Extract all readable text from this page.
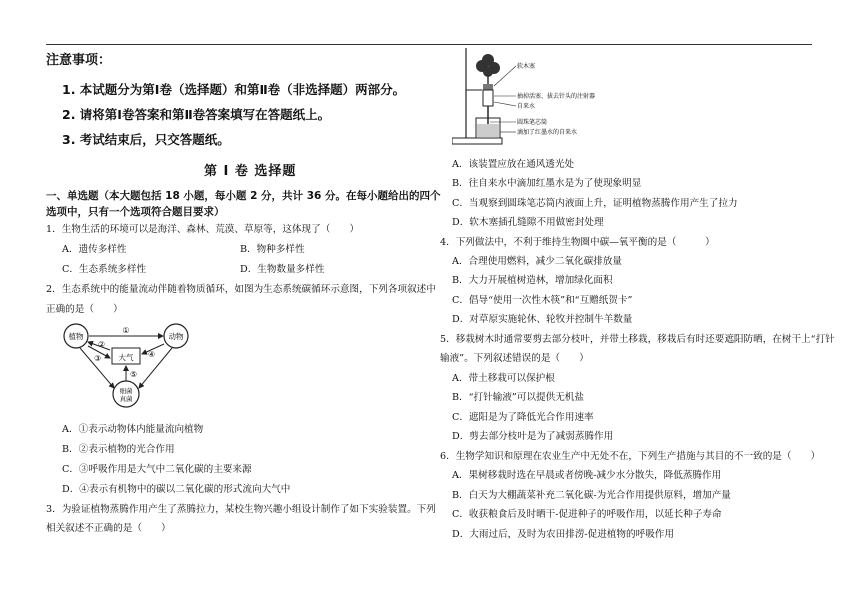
注意事项：
1. 本试题分为第Ⅰ卷（选择题）和第Ⅱ卷（非选择题）两部分。
2. 请将第Ⅰ卷答案和第Ⅱ卷答案填写在答题纸上。
3. 考试结束后，只交答题纸。
第 Ⅰ 卷 选择题
一、单选题（本大题包括 18 小题，每小题 2 分，共计 36 分。在每小题给出的四个
选项中，只有一个选项符合题目要求）
1．生物生活的环境可以是海洋、森林、荒漠、草原等，这体现了（　　）
A．遗传多样性	B．物种多样性
C．生态系统多样性	D．生物数量多样性
2．生态系统中的能量流动伴随着物质循环，如图为生态系统碳循环示意图，下列各项叙述中
正确的是（　　）
植物	动物
大气
细菌
真菌
①
②
③	④
⑤
A．①表示动物体内能量流向植物
B．②表示植物的光合作用
C．③呼吸作用是大气中二氧化碳的主要来源
D．④表示有机物中的碳以二氧化碳的形式流向大气中
3．为验证植物蒸腾作用产生了蒸腾拉力，某校生物兴趣小组设计制作了如下实验装置。下列
相关叙述不正确的是（　　）
软木塞
抽掉活塞、拔去针头的注射器
自来水
圆珠笔芯筒
滴加了红墨水的自来水
A．该装置应放在通风透光处
B．往自来水中滴加红墨水是为了使现象明显
C．当观察到圆珠笔芯筒内液面上升，证明植物蒸腾作用产生了拉力
D．软木塞插孔缝隙不用做密封处理
4．下列做法中，不利于维持生物圈中碳—氧平衡的是（　　　）
A．合理使用燃料，减少二氧化碳排放量
B．大力开展植树造林，增加绿化面积
C．倡导“使用一次性木筷”和“互赠纸贺卡”
D．对草原实施轮休、轮牧并控制牛羊数量
5．移栽树木时通常要剪去部分枝叶，并带土移栽，移栽后有时还要遮阳防晒，在树干上“打针
输液”。下列叙述错误的是（　　）
A．带土移栽可以保护根
B．“打针输液”可以提供无机盐
C．遮阳是为了降低光合作用速率
D．剪去部分枝叶是为了减弱蒸腾作用
6．生物学知识和原理在农业生产中无处不在，下列生产措施与其目的不一致的是（　　）
A．果树移栽时选在早晨或者傍晚-减少水分散失，降低蒸腾作用
B．白天为大棚蔬菜补充二氧化碳-为光合作用提供原料，增加产量
C．收获粮食后及时晒干-促进种子的呼吸作用，以延长种子寿命
D．大雨过后，及时为农田排涝-促进植物的呼吸作用
